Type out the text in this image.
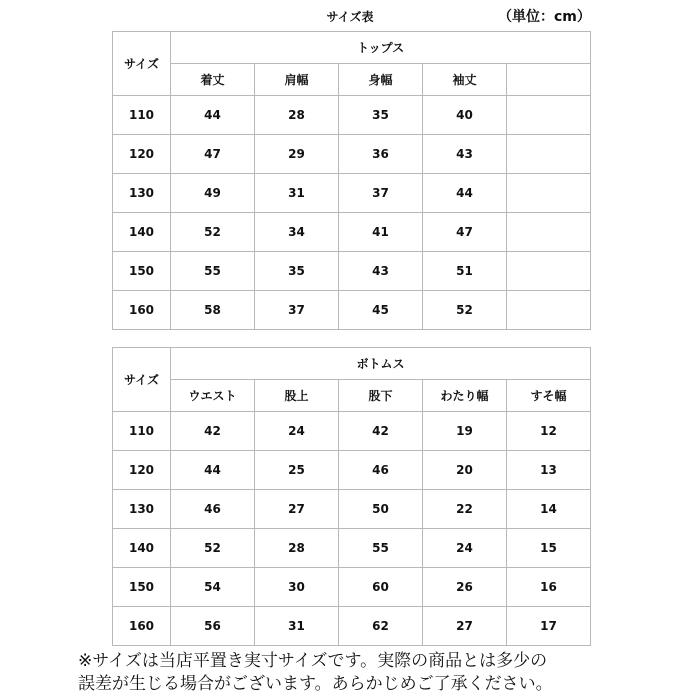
サイズ表	（単位：cm）
サイズ	トップス				
	着丈	肩幅	身幅	袖丈	
110	44	28	35	40	
120	47	29	36	43	
130	49	31	37	44	
140	52	34	41	47	
150	55	35	43	51	
160	58	37	45	52	
サイズ	ボトムス				
	ウエスト	股上	股下	わたり幅	すそ幅
110	42	24	42	19	12
120	44	25	46	20	13
130	46	27	50	22	14
140	52	28	55	24	15
150	54	30	60	26	16
160	56	31	62	27	17
※サイズは当店平置き実寸サイズです。実際の商品とは多少の
誤差が生じる場合がございます。あらかじめご了承ください。
